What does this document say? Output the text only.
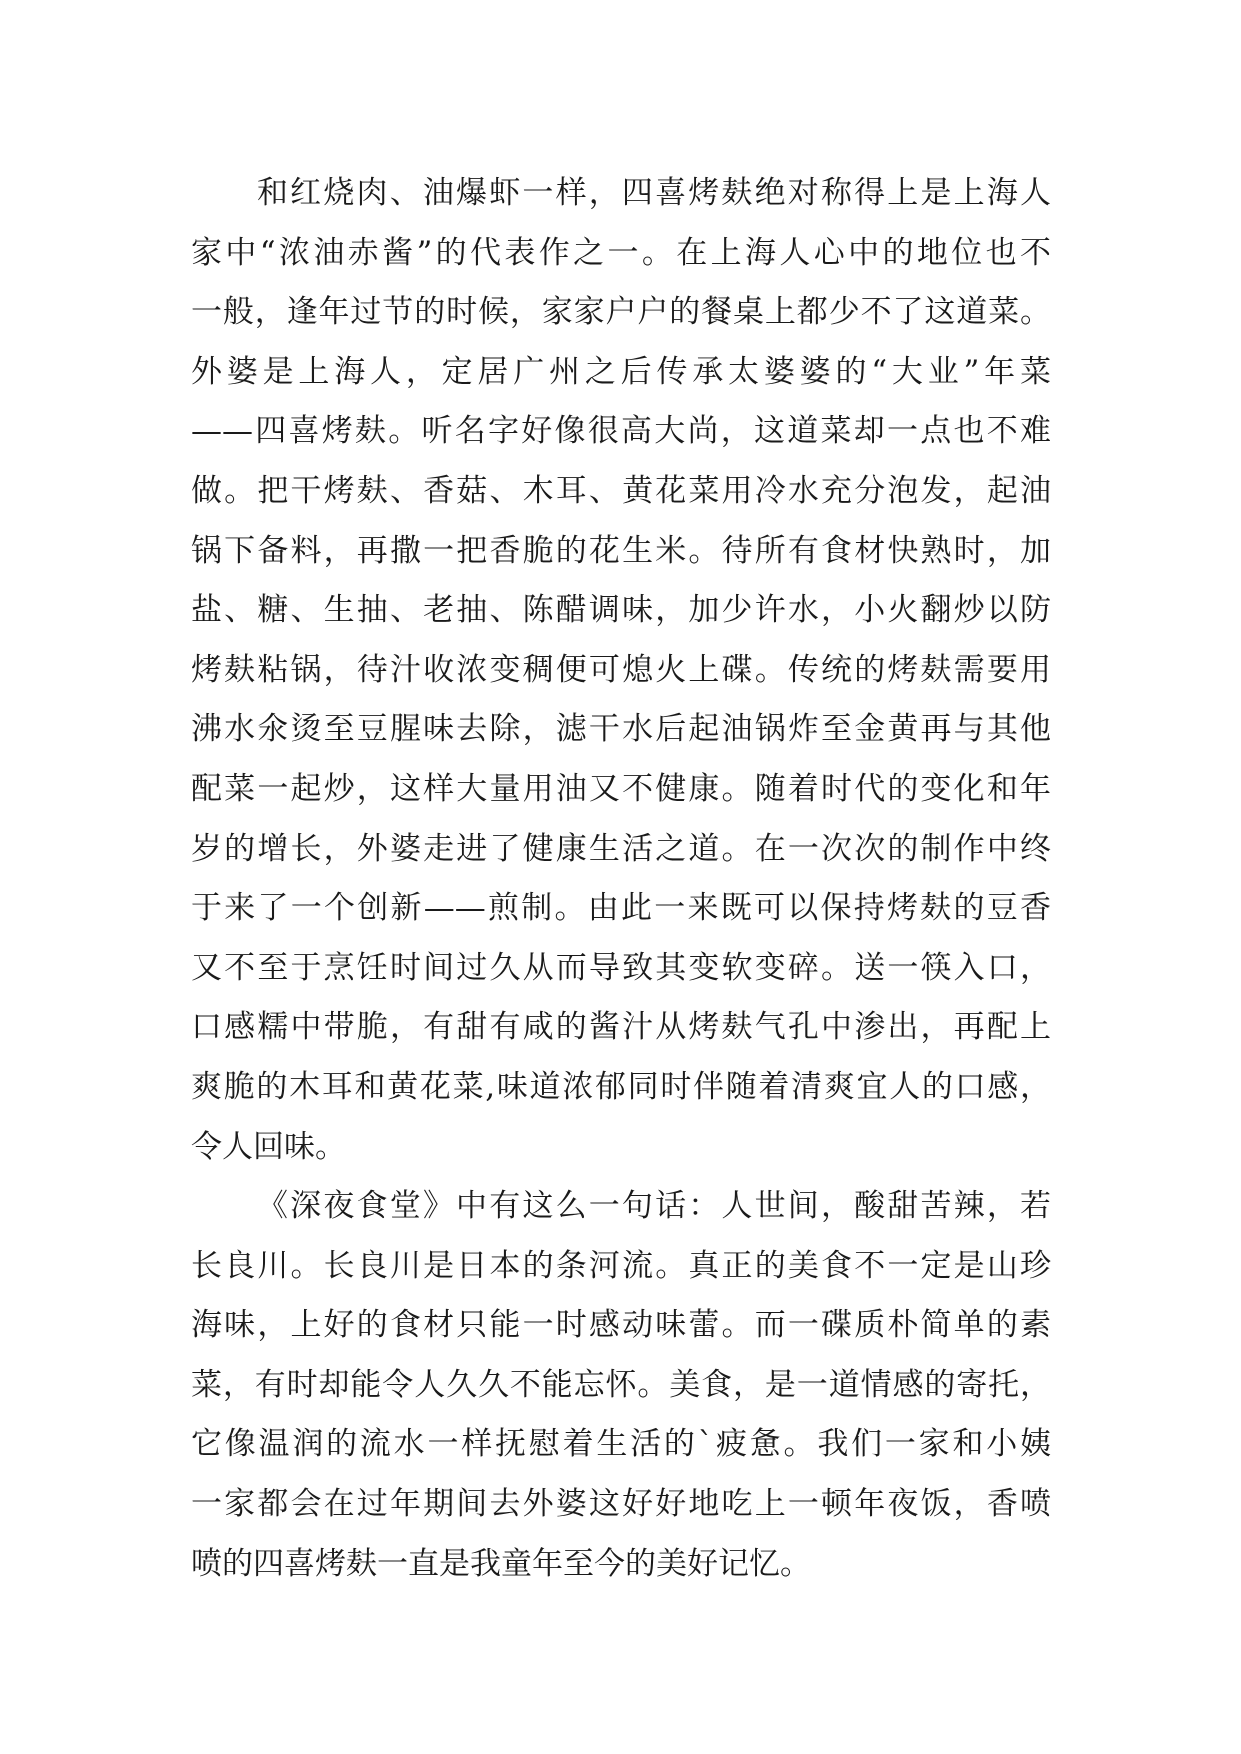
和红烧肉、油爆虾一样，四喜烤麸绝对称得上是上海人
家中“浓油赤酱”的代表作之一。在上海人心中的地位也不
一般，逢年过节的时候，家家户户的餐桌上都少不了这道菜。
外婆是上海人，定居广州之后传承太婆婆的“大业”年菜
——四喜烤麸。听名字好像很高大尚，这道菜却一点也不难
做。把干烤麸、香菇、木耳、黄花菜用冷水充分泡发，起油
锅下备料，再撒一把香脆的花生米。待所有食材快熟时，加
盐、糖、生抽、老抽、陈醋调味，加少许水，小火翻炒以防
烤麸粘锅，待汁收浓变稠便可熄火上碟。传统的烤麸需要用
沸水氽烫至豆腥味去除，滤干水后起油锅炸至金黄再与其他
配菜一起炒，这样大量用油又不健康。随着时代的变化和年
岁的增长，外婆走进了健康生活之道。在一次次的制作中终
于来了一个创新——煎制。由此一来既可以保持烤麸的豆香
又不至于烹饪时间过久从而导致其变软变碎。送一筷入口，
口感糯中带脆，有甜有咸的酱汁从烤麸气孔中渗出，再配上
爽脆的木耳和黄花菜,味道浓郁同时伴随着清爽宜人的口感，
令人回味。
《深夜食堂》中有这么一句话：人世间，酸甜苦辣，若
长良川。长良川是日本的条河流。真正的美食不一定是山珍
海味，上好的食材只能一时感动味蕾。而一碟质朴简单的素
菜，有时却能令人久久不能忘怀。美食，是一道情感的寄托，
它像温润的流水一样抚慰着生活的`疲惫。我们一家和小姨
一家都会在过年期间去外婆这好好地吃上一顿年夜饭，香喷
喷的四喜烤麸一直是我童年至今的美好记忆。
